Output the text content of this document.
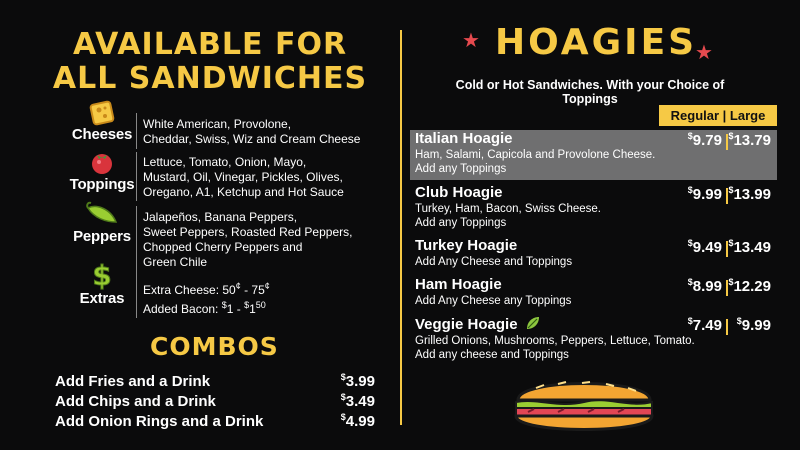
AVAILABLE FOR
ALL SANDWICHES
Cheeses
White American, Provolone,
Cheddar, Swiss, Wiz and Cream Cheese
Toppings
Lettuce, Tomato, Onion, Mayo,
Mustard, Oil, Vinegar, Pickles, Olives,
Oregano, A1, Ketchup and Hot Sauce
Peppers
Jalapeños, Banana Peppers,
Sweet Peppers, Roasted Red Peppers,
Chopped Cherry Peppers and
Green Chile
$
Extras	Extra Cheese: 50¢ - 75¢
Added Bacon: $^{\$}1 - ^{\$}1^{50}$
COMBOS
Add Fries and a Drink	$3.99
Add Chips and a Drink	$3.49
Add Onion Rings and a Drink	$4.99
★
★
HOAGIES
Cold or Hot Sandwiches. With your Choice of Toppings
Regular | Large
Italian Hoagie
Ham, Salami, Capicola and Provolone Cheese.
Add any Toppings
$9.79 $13.79
Club Hoagie
Turkey, Ham, Bacon, Swiss Cheese.
Add any Toppings
$9.99 $13.99
Turkey Hoagie
Add Any Cheese and Toppings
$9.49 $13.49
Ham Hoagie
Add Any Cheese any Toppings
$8.99 $12.29
Veggie Hoagie
Grilled Onions, Mushrooms, Peppers, Lettuce, Tomato.
Add any cheese and Toppings
$7.49 $9.99
